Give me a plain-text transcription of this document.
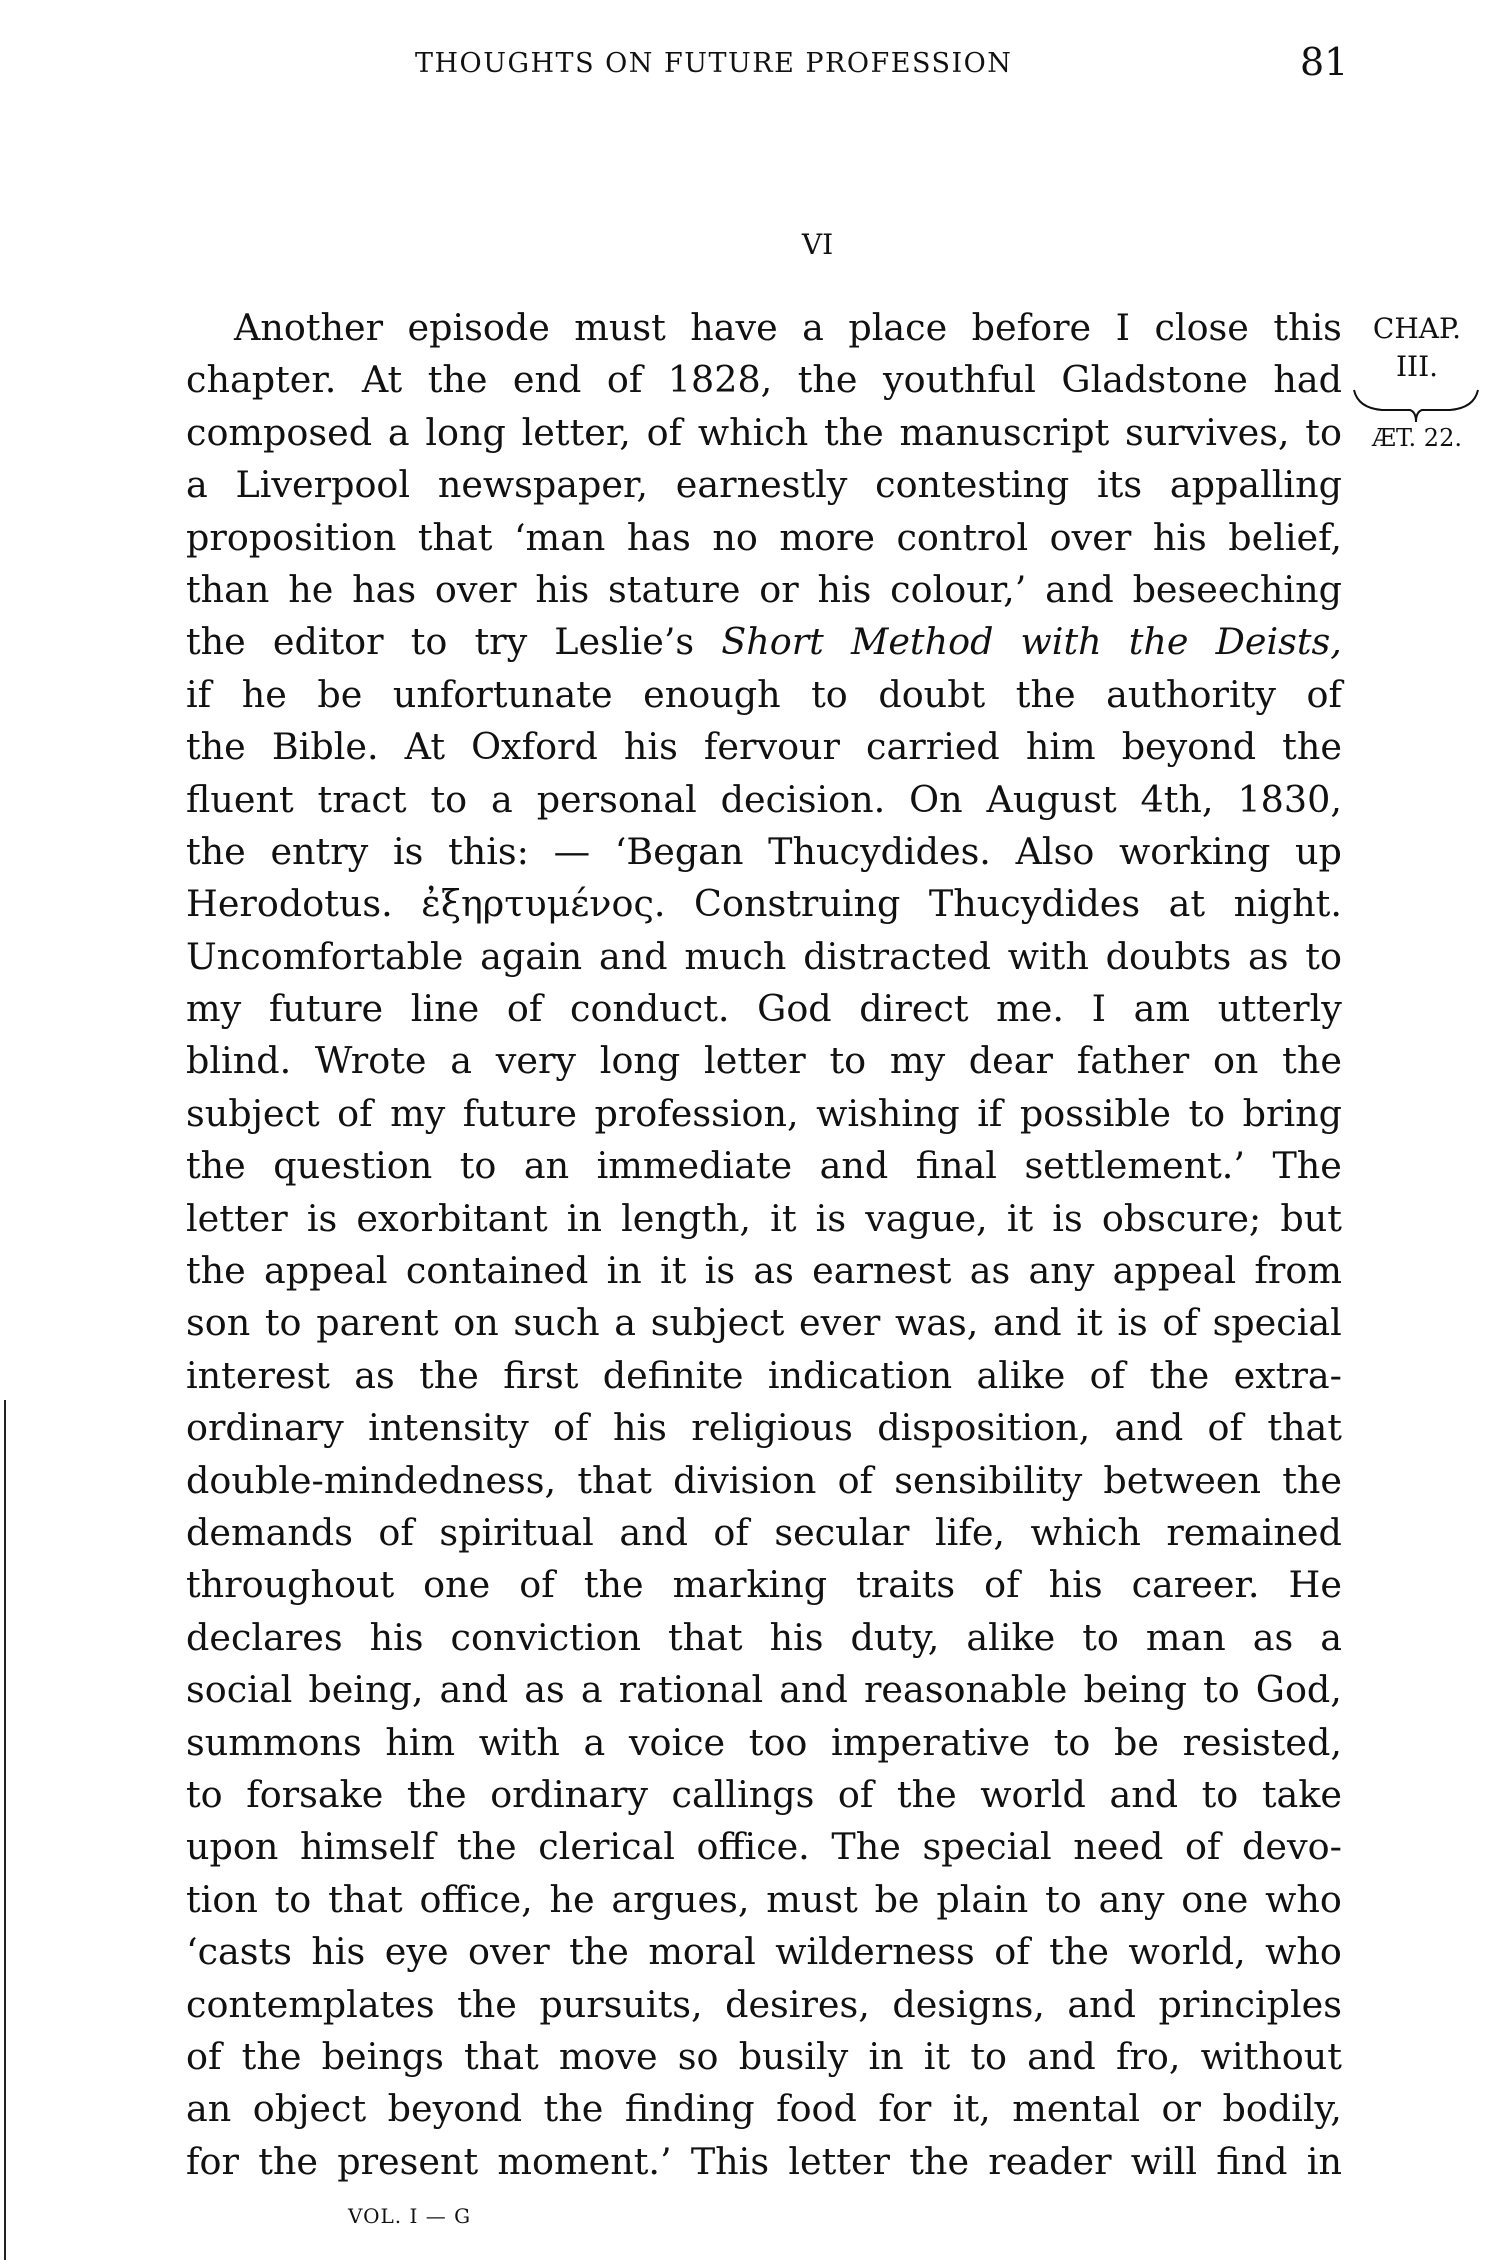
THOUGHTS ON FUTURE PROFESSION	81
VI
CHAP.
III.
ÆT. 22.
Another episode must have a place before I close this
chapter. At the end of 1828, the youthful Gladstone had
composed a long letter, of which the manuscript survives, to
a Liverpool newspaper, earnestly contesting its appalling
proposition that ‘man has no more control over his belief,
than he has over his stature or his colour,’ and beseeching
the editor to try Leslie’s Short Method with the Deists,
if he be unfortunate enough to doubt the authority of
the Bible. At Oxford his fervour carried him beyond the
fluent tract to a personal decision. On August 4th, 1830,
the entry is this: — ‘Began Thucydides. Also working up
Herodotus. ἐξηρτυμένος. Construing Thucydides at night.
Uncomfortable again and much distracted with doubts as to
my future line of conduct. God direct me. I am utterly
blind. Wrote a very long letter to my dear father on the
subject of my future profession, wishing if possible to bring
the question to an immediate and final settlement.’ The
letter is exorbitant in length, it is vague, it is obscure; but
the appeal contained in it is as earnest as any appeal from
son to parent on such a subject ever was, and it is of special
interest as the first definite indication alike of the extra-
ordinary intensity of his religious disposition, and of that
double-mindedness, that division of sensibility between the
demands of spiritual and of secular life, which remained
throughout one of the marking traits of his career. He
declares his conviction that his duty, alike to man as a
social being, and as a rational and reasonable being to God,
summons him with a voice too imperative to be resisted,
to forsake the ordinary callings of the world and to take
upon himself the clerical office. The special need of devo-
tion to that office, he argues, must be plain to any one who
‘casts his eye over the moral wilderness of the world, who
contemplates the pursuits, desires, designs, and principles
of the beings that move so busily in it to and fro, without
an object beyond the finding food for it, mental or bodily,
for the present moment.’ This letter the reader will find in
VOL. I — G
